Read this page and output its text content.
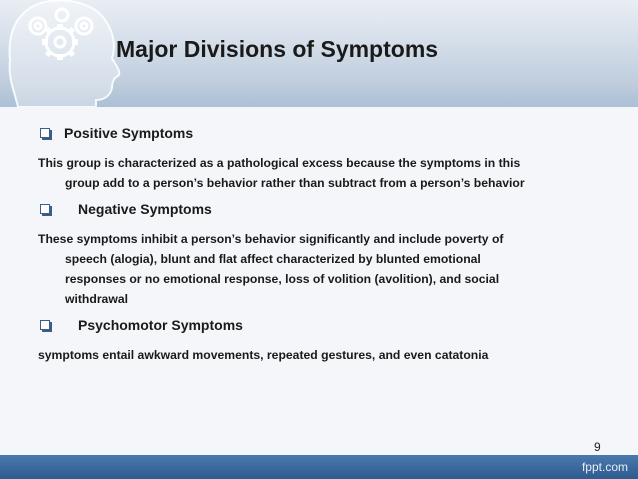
Major Divisions of Symptoms
Positive Symptoms
This group is characterized as a pathological excess because the symptoms in this
group add to a person’s behavior rather than subtract from a person’s behavior
Negative Symptoms
These symptoms inhibit a person’s behavior significantly and include poverty of
speech (alogia), blunt and flat affect characterized by blunted emotional
responses or no emotional response, loss of volition (avolition), and social
withdrawal
Psychomotor Symptoms
symptoms entail awkward movements, repeated gestures, and even catatonia
9
fppt.com
